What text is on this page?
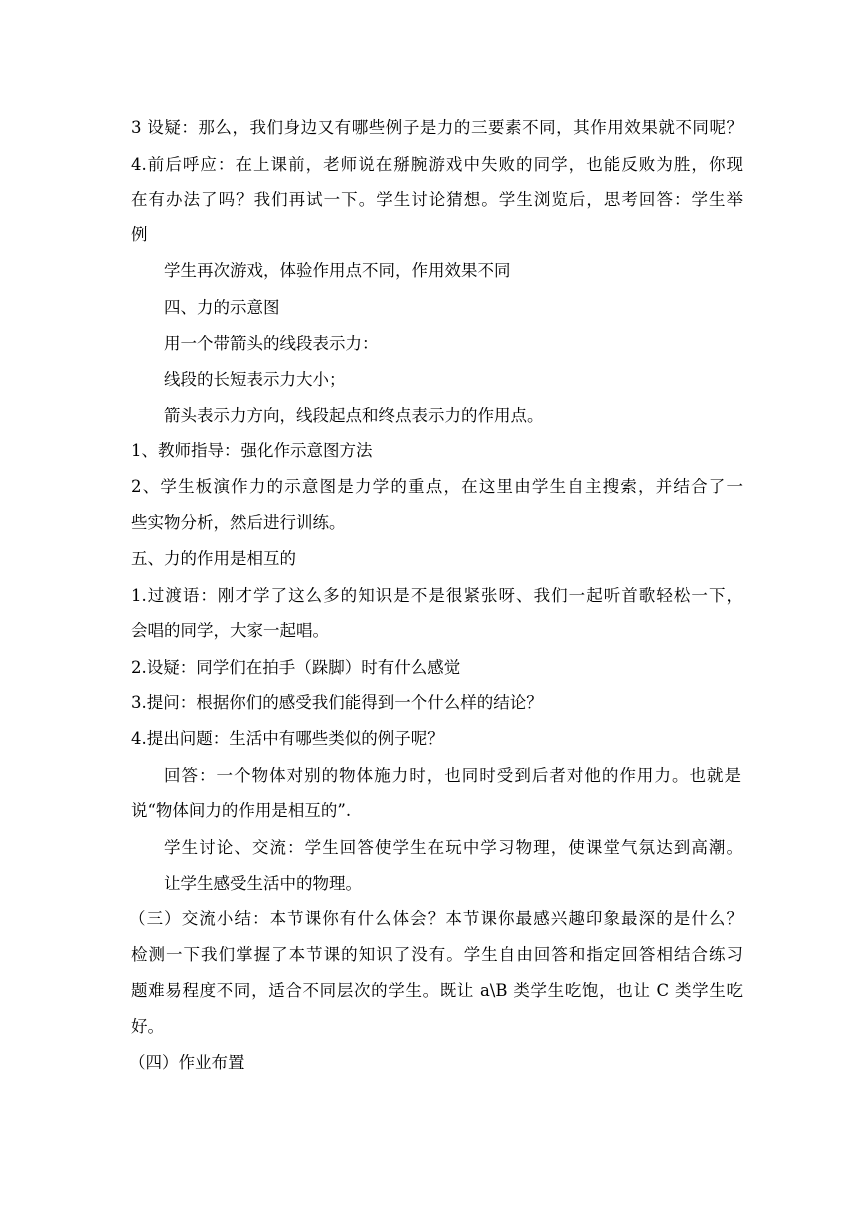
3 设疑：那么，我们身边又有哪些例子是力的三要素不同，其作用效果就不同呢？
4.前后呼应：在上课前，老师说在掰腕游戏中失败的同学，也能反败为胜，你现
在有办法了吗？我们再试一下。学生讨论猜想。学生浏览后，思考回答：学生举
例
学生再次游戏，体验作用点不同，作用效果不同
四、力的示意图
用一个带箭头的线段表示力：
线段的长短表示力大小；
箭头表示力方向，线段起点和终点表示力的作用点。
1、教师指导：强化作示意图方法
2、学生板演作力的示意图是力学的重点，在这里由学生自主搜索，并结合了一
些实物分析，然后进行训练。
五、力的作用是相互的
1.过渡语：刚才学了这么多的知识是不是很紧张呀、我们一起听首歌轻松一下，
会唱的同学，大家一起唱。
2.设疑：同学们在拍手（跺脚）时有什么感觉
3.提问：根据你们的感受我们能得到一个什么样的结论？
4.提出问题：生活中有哪些类似的例子呢？
回答：一个物体对别的物体施力时，也同时受到后者对他的作用力。也就是
说“物体间力的作用是相互的”.
学生讨论、交流：学生回答使学生在玩中学习物理，使课堂气氛达到高潮。
让学生感受生活中的物理。
（三）交流小结：本节课你有什么体会？本节课你最感兴趣印象最深的是什么？
检测一下我们掌握了本节课的知识了没有。学生自由回答和指定回答相结合练习
题难易程度不同，适合不同层次的学生。既让 a\B 类学生吃饱，也让 C 类学生吃
好。
（四）作业布置
